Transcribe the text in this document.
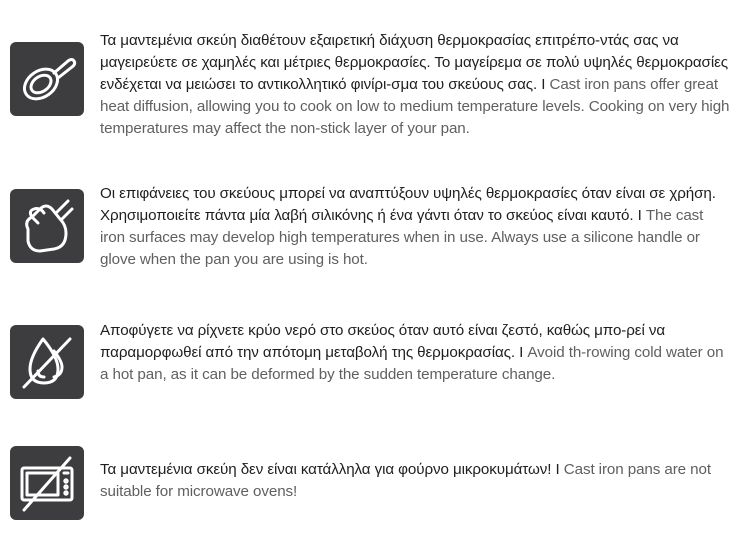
Τα μαντεμένια σκεύη διαθέτουν εξαιρετική διάχυση θερμοκρασίας επιτρέπο-ντάς σας να μαγειρεύετε σε χαμηλές και μέτριες θερμοκρασίες. Το μαγείρεμα σε πολύ υψηλές θερμοκρασίες ενδέχεται να μειώσει το αντικολλητικό φινίρι-σμα του σκεύους σας. I Cast iron pans offer great heat diffusion, allowing you to cook on low to medium temperature levels. Cooking on very high temperatures may affect the non-stick layer of your pan.
Οι επιφάνειες του σκεύους μπορεί να αναπτύξουν υψηλές θερμοκρασίες όταν είναι σε χρήση. Χρησιμοποιείτε πάντα μία λαβή σιλικόνης ή ένα γάντι όταν το σκεύος είναι καυτό. I The cast iron surfaces may develop high temperatures when in use. Always use a silicone handle or glove when the pan you are using is hot.
Αποφύγετε να ρίχνετε κρύο νερό στο σκεύος όταν αυτό είναι ζεστό, καθώς μπο-ρεί να παραμορφωθεί από την απότομη μεταβολή της θερμοκρασίας. I Avoid th-rowing cold water on a hot pan, as it can be deformed by the sudden temperature change.
Τα μαντεμένια σκεύη δεν είναι κατάλληλα για φούρνο μικροκυμάτων! I Cast iron pans are not suitable for microwave ovens!
